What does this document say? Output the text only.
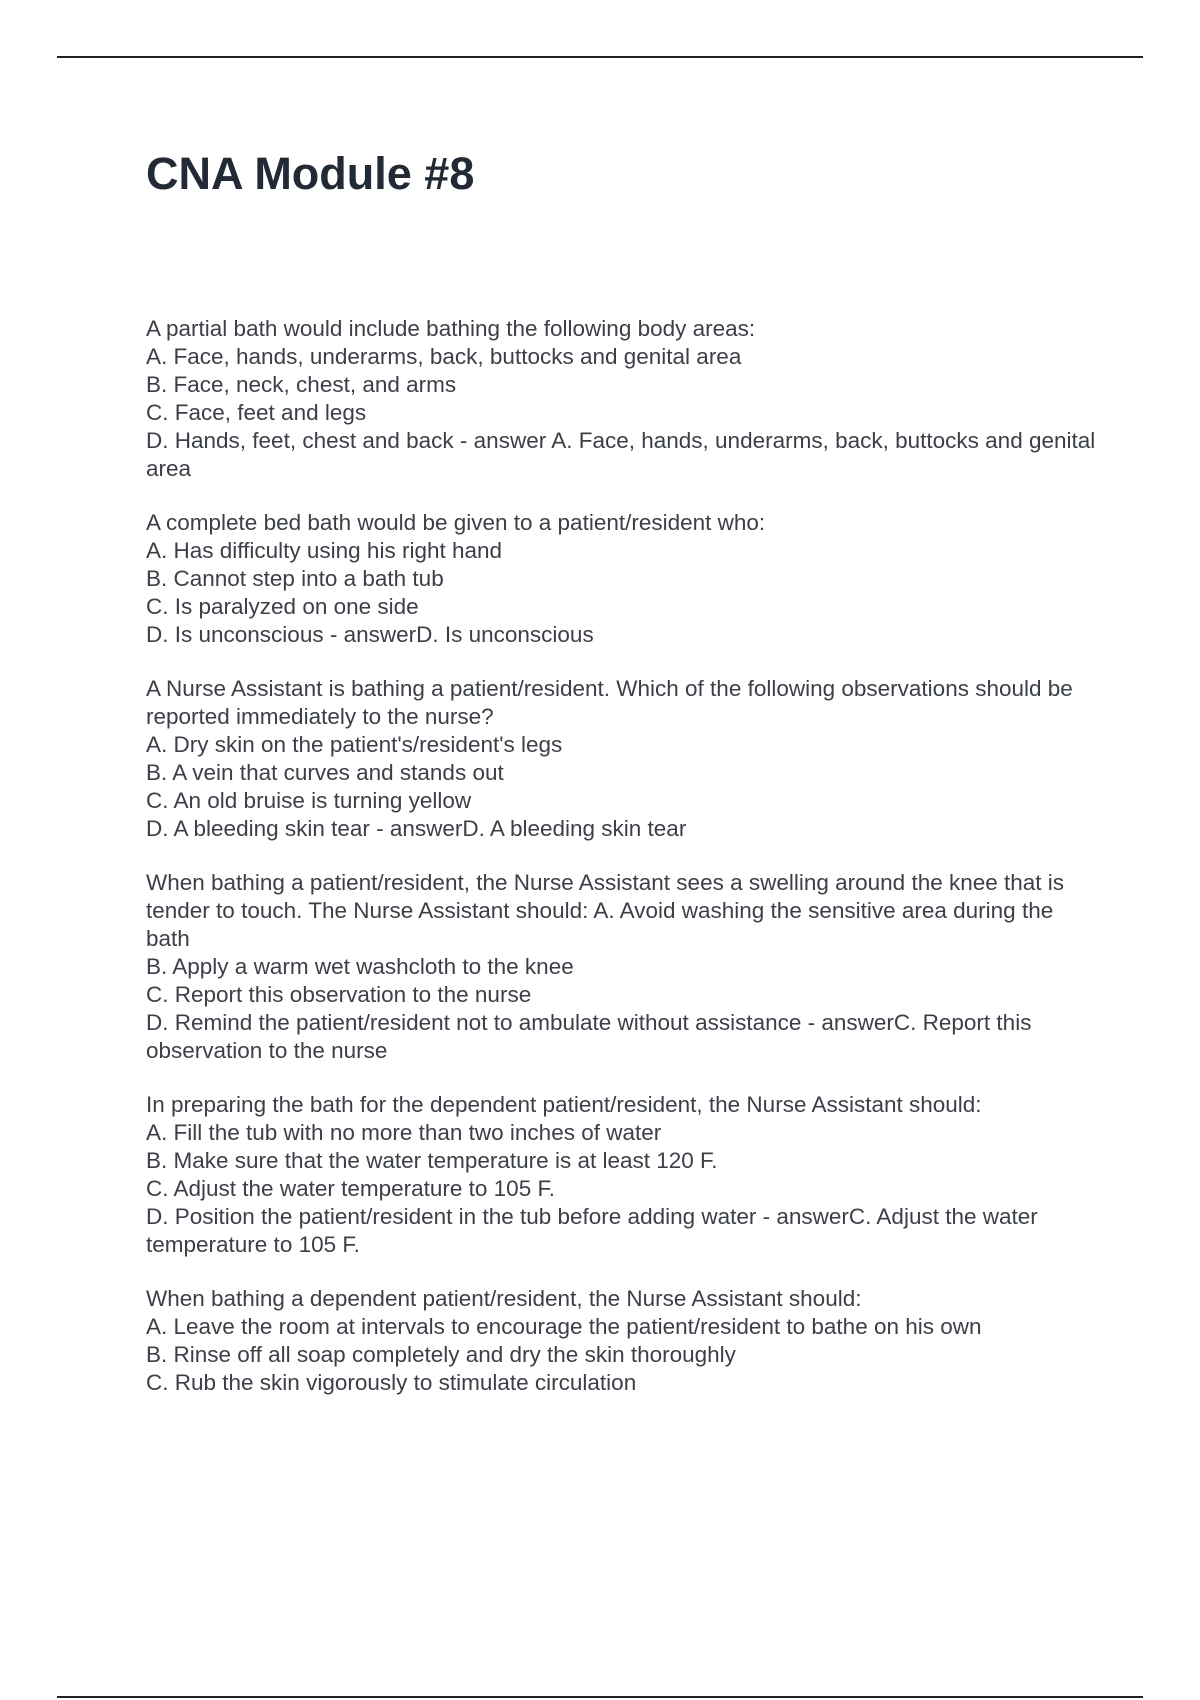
CNA Module #8

A partial bath would include bathing the following body areas:
A. Face, hands, underarms, back, buttocks and genital area
B. Face, neck, chest, and arms
C. Face, feet and legs
D. Hands, feet, chest and back - answer A. Face, hands, underarms, back, buttocks and genital area

A complete bed bath would be given to a patient/resident who:
A. Has difficulty using his right hand
B. Cannot step into a bath tub
C. Is paralyzed on one side
D. Is unconscious - answerD. Is unconscious

A Nurse Assistant is bathing a patient/resident. Which of the following observations should be reported immediately to the nurse?
A. Dry skin on the patient's/resident's legs
B. A vein that curves and stands out
C. An old bruise is turning yellow
D. A bleeding skin tear - answerD. A bleeding skin tear

When bathing a patient/resident, the Nurse Assistant sees a swelling around the knee that is tender to touch. The Nurse Assistant should: A. Avoid washing the sensitive area during the bath
B. Apply a warm wet washcloth to the knee
C. Report this observation to the nurse
D. Remind the patient/resident not to ambulate without assistance - answerC. Report this observation to the nurse

In preparing the bath for the dependent patient/resident, the Nurse Assistant should:
A. Fill the tub with no more than two inches of water
B. Make sure that the water temperature is at least 120 F.
C. Adjust the water temperature to 105 F.
D. Position the patient/resident in the tub before adding water - answerC. Adjust the water temperature to 105 F.

When bathing a dependent patient/resident, the Nurse Assistant should:
A. Leave the room at intervals to encourage the patient/resident to bathe on his own
B. Rinse off all soap completely and dry the skin thoroughly
C. Rub the skin vigorously to stimulate circulation
